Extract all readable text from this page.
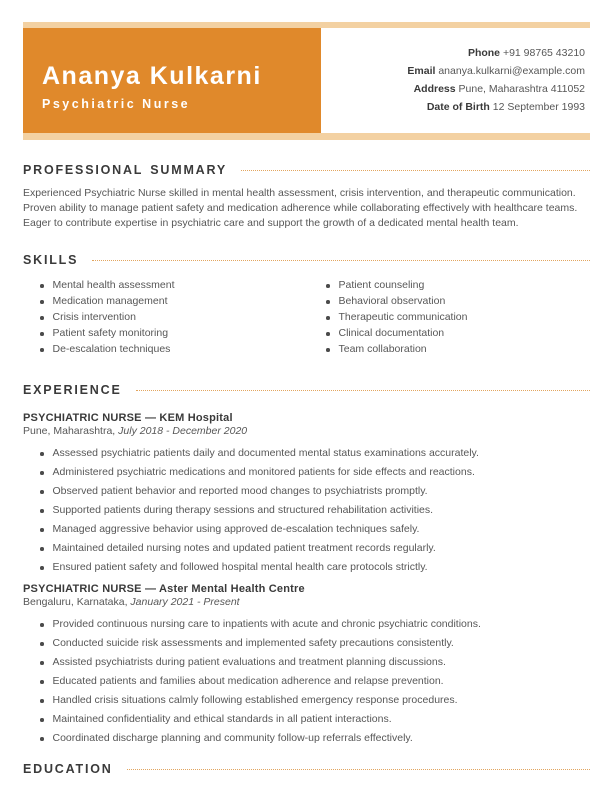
Ananya Kulkarni
Psychiatric Nurse
Phone +91 98765 43210
Email ananya.kulkarni@example.com
Address Pune, Maharashtra 411052
Date of Birth 12 September 1993
PROFESSIONAL SUMMARY

Experienced Psychiatric Nurse skilled in mental health assessment, crisis intervention, and therapeutic communication. Proven ability to manage patient safety and medication adherence while collaborating effectively with healthcare teams. Eager to contribute expertise in psychiatric care and support the growth of a dedicated mental health team.

SKILLS
Mental health assessment
Medication management
Crisis intervention
Patient safety monitoring
De-escalation techniques
Patient counseling
Behavioral observation
Therapeutic communication
Clinical documentation
Team collaboration
EXPERIENCE
PSYCHIATRIC NURSE — KEM Hospital
Pune, Maharashtra, July 2018 - December 2020
Assessed psychiatric patients daily and documented mental status examinations accurately.
Administered psychiatric medications and monitored patients for side effects and reactions.
Observed patient behavior and reported mood changes to psychiatrists promptly.
Supported patients during therapy sessions and structured rehabilitation activities.
Managed aggressive behavior using approved de-escalation techniques safely.
Maintained detailed nursing notes and updated patient treatment records regularly.
Ensured patient safety and followed hospital mental health care protocols strictly.
PSYCHIATRIC NURSE — Aster Mental Health Centre
Bengaluru, Karnataka, January 2021 - Present
Provided continuous nursing care to inpatients with acute and chronic psychiatric conditions.
Conducted suicide risk assessments and implemented safety precautions consistently.
Assisted psychiatrists during patient evaluations and treatment planning discussions.
Educated patients and families about medication adherence and relapse prevention.
Handled crisis situations calmly following established emergency response procedures.
Maintained confidentiality and ethical standards in all patient interactions.
Coordinated discharge planning and community follow-up referrals effectively.
EDUCATION
